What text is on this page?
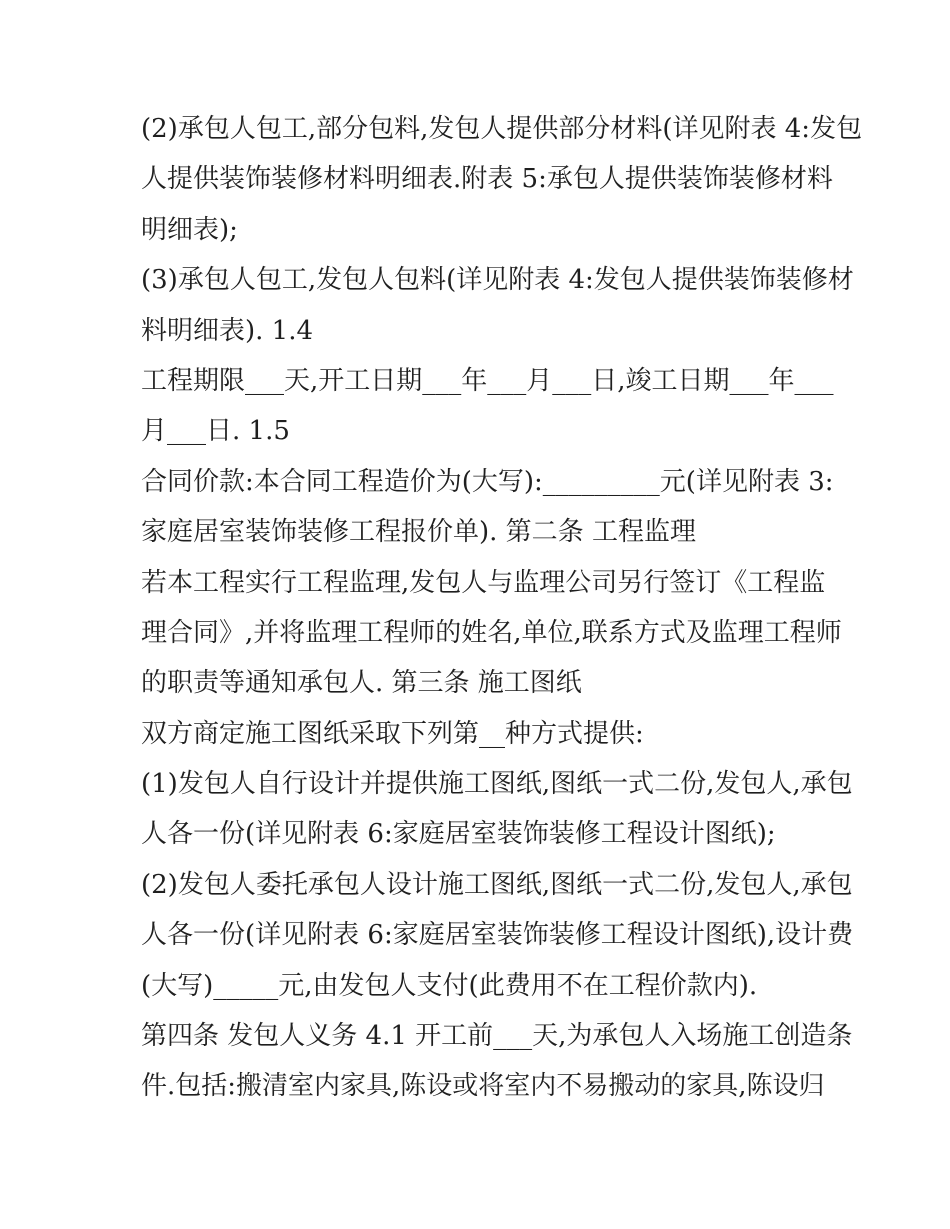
(2)承包人包工,部分包料,发包人提供部分材料(详见附表 4:发包
人提供装饰装修材料明细表.附表 5:承包人提供装饰装修材料
明细表);
(3)承包人包工,发包人包料(详见附表 4:发包人提供装饰装修材
料明细表). 1.4
工程期限___天,开工日期___年___月___日,竣工日期___年___
月___日. 1.5
合同价款:本合同工程造价为(大写):_________元(详见附表 3:
家庭居室装饰装修工程报价单). 第二条 工程监理
若本工程实行工程监理,发包人与监理公司另行签订《工程监
理合同》,并将监理工程师的姓名,单位,联系方式及监理工程师
的职责等通知承包人. 第三条 施工图纸
双方商定施工图纸采取下列第__种方式提供:
(1)发包人自行设计并提供施工图纸,图纸一式二份,发包人,承包
人各一份(详见附表 6:家庭居室装饰装修工程设计图纸);
(2)发包人委托承包人设计施工图纸,图纸一式二份,发包人,承包
人各一份(详见附表 6:家庭居室装饰装修工程设计图纸),设计费
(大写)_____元,由发包人支付(此费用不在工程价款内).
第四条 发包人义务 4.1 开工前___天,为承包人入场施工创造条
件.包括:搬清室内家具,陈设或将室内不易搬动的家具,陈设归
